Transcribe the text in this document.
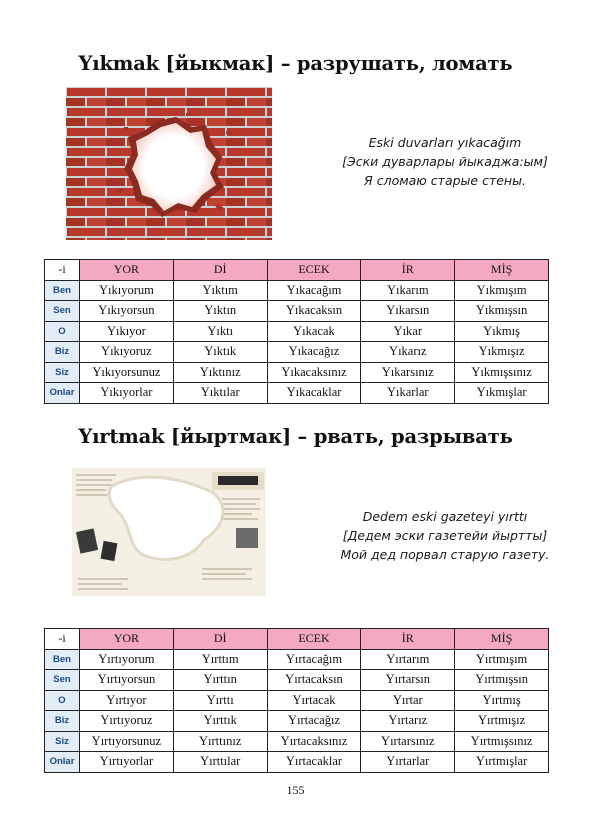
Yıkmak [йыкмак] – разрушать, ломать
Eski duvarları yıkacağım
[Эски дуварлары йыкаджа:ым]
Я сломаю старые стены.
-i	YOR	Dİ	ECEK	İR	MİŞ
Ben	Yıkıyorum	Yıktım	Yıkacağım	Yıkarım	Yıkmışım
Sen	Yıkıyorsun	Yıktın	Yıkacaksın	Yıkarsın	Yıkmışsın
O	Yıkıyor	Yıktı	Yıkacak	Yıkar	Yıkmış
Biz	Yıkıyoruz	Yıktık	Yıkacağız	Yıkarız	Yıkmışız
Siz	Yıkıyorsunuz	Yıktınız	Yıkacaksınız	Yıkarsınız	Yıkmışsınız
Onlar	Yıkıyorlar	Yıktılar	Yıkacaklar	Yıkarlar	Yıkmışlar
Yırtmak [йыртмак] – рвать, разрывать
Dedem eski gazeteyi yırttı
[Дедем эски газетейи йыртты]
Мой дед порвал старую газету.
-i	YOR	Dİ	ECEK	İR	MİŞ
Ben	Yırtıyorum	Yırttım	Yırtacağım	Yırtarım	Yırtmışım
Sen	Yırtıyorsun	Yırttın	Yırtacaksın	Yırtarsın	Yırtmışsın
O	Yırtıyor	Yırttı	Yırtacak	Yırtar	Yırtmış
Biz	Yırtıyoruz	Yırttık	Yırtacağız	Yırtarız	Yırtmışız
Siz	Yırtıyorsunuz	Yırttınız	Yırtacaksınız	Yırtarsınız	Yırtmışsınız
Onlar	Yırtıyorlar	Yırttılar	Yırtacaklar	Yırtarlar	Yırtmışlar
155
